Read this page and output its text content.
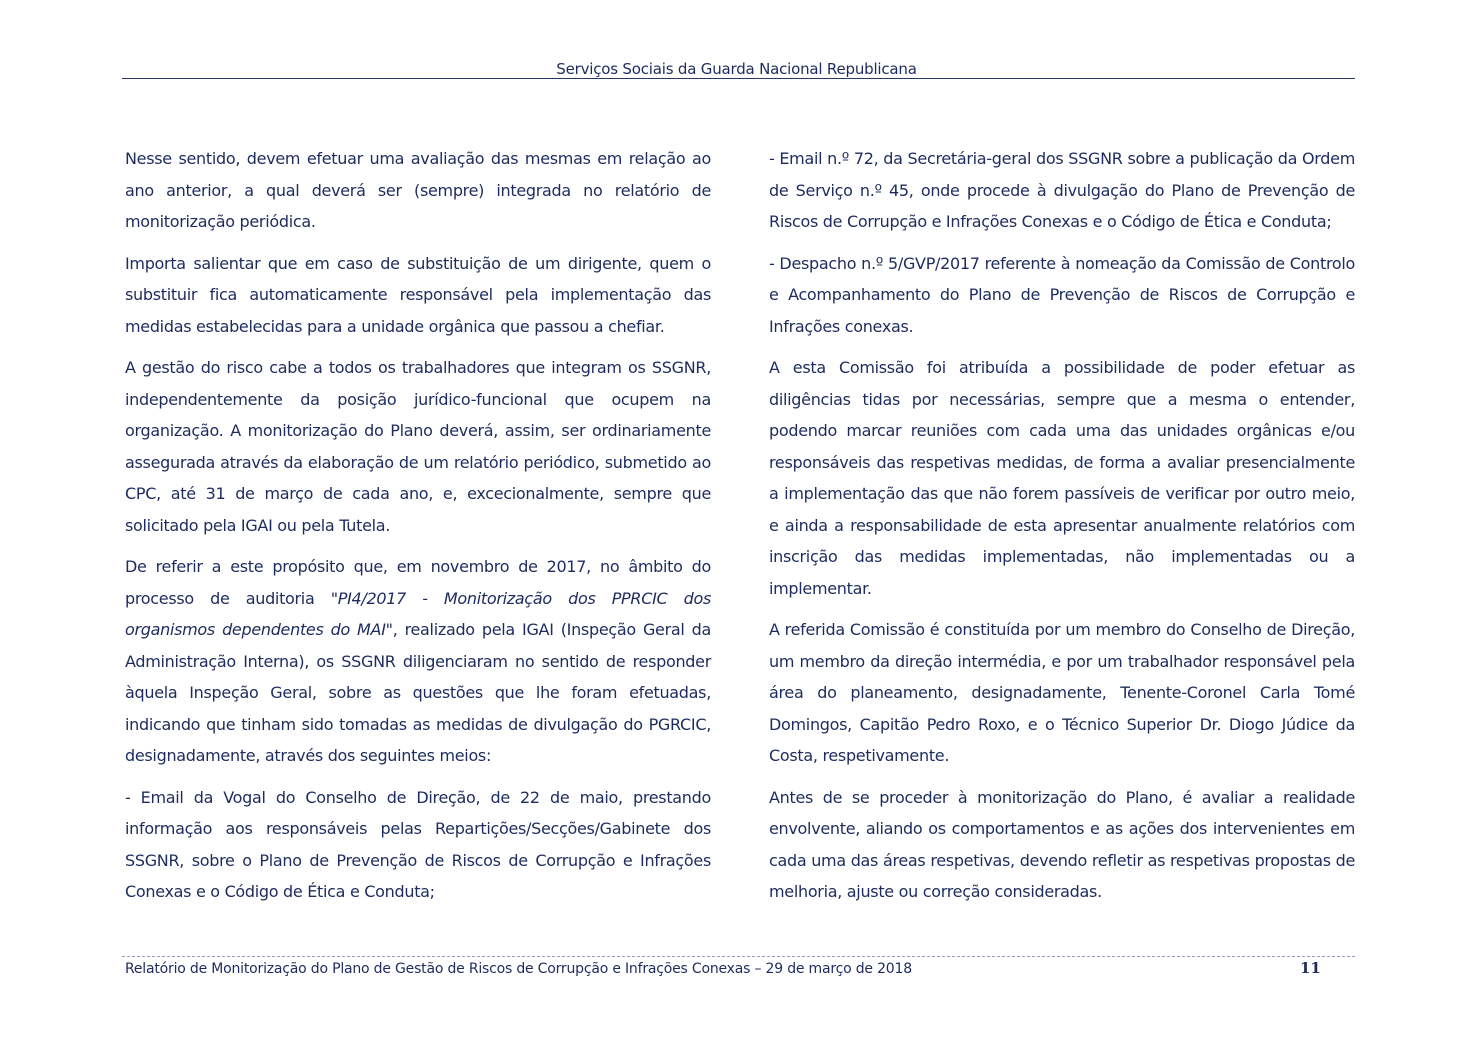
Serviços Sociais da Guarda Nacional Republicana

Nesse sentido, devem efetuar uma avaliação das mesmas em relação ao ano anterior, a qual deverá ser (sempre) integrada no relatório de monitorização periódica.

Importa salientar que em caso de substituição de um dirigente, quem o substituir fica automaticamente responsável pela implementação das medidas estabelecidas para a unidade orgânica que passou a chefiar.

A gestão do risco cabe a todos os trabalhadores que integram os SSGNR, independentemente da posição jurídico-funcional que ocupem na organização. A monitorização do Plano deverá, assim, ser ordinariamente assegurada através da elaboração de um relatório periódico, submetido ao CPC, até 31 de março de cada ano, e, excecionalmente, sempre que solicitado pela IGAI ou pela Tutela.

De referir a este propósito que, em novembro de 2017, no âmbito do processo de auditoria "PI4/2017 - Monitorização dos PPRCIC dos organismos dependentes do MAI", realizado pela IGAI (Inspeção Geral da Administração Interna), os SSGNR diligenciaram no sentido de responder àquela Inspeção Geral, sobre as questões que lhe foram efetuadas, indicando que tinham sido tomadas as medidas de divulgação do PGRCIC, designadamente, através dos seguintes meios:

- Email da Vogal do Conselho de Direção, de 22 de maio, prestando informação aos responsáveis pelas Repartições/Secções/Gabinete dos SSGNR, sobre o Plano de Prevenção de Riscos de Corrupção e Infrações Conexas e o Código de Ética e Conduta;

- Email n.º 72, da Secretária-geral dos SSGNR sobre a publicação da Ordem de Serviço n.º 45, onde procede à divulgação do Plano de Prevenção de Riscos de Corrupção e Infrações Conexas e o Código de Ética e Conduta;

- Despacho n.º 5/GVP/2017 referente à nomeação da Comissão de Controlo e Acompanhamento do Plano de Prevenção de Riscos de Corrupção e Infrações conexas.

A esta Comissão foi atribuída a possibilidade de poder efetuar as diligências tidas por necessárias, sempre que a mesma o entender, podendo marcar reuniões com cada uma das unidades orgânicas e/ou responsáveis das respetivas medidas, de forma a avaliar presencialmente a implementação das que não forem passíveis de verificar por outro meio, e ainda a responsabilidade de esta apresentar anualmente relatórios com inscrição das medidas implementadas, não implementadas ou a implementar.

A referida Comissão é constituída por um membro do Conselho de Direção, um membro da direção intermédia, e por um trabalhador responsável pela área do planeamento, designadamente, Tenente-Coronel Carla Tomé Domingos, Capitão Pedro Roxo, e o Técnico Superior Dr. Diogo Júdice da Costa, respetivamente.

Antes de se proceder à monitorização do Plano, é avaliar a realidade envolvente, aliando os comportamentos e as ações dos intervenientes em cada uma das áreas respetivas, devendo refletir as respetivas propostas de melhoria, ajuste ou correção consideradas.

Relatório de Monitorização do Plano de Gestão de Riscos de Corrupção e Infrações Conexas – 29 de março de 2018	11
